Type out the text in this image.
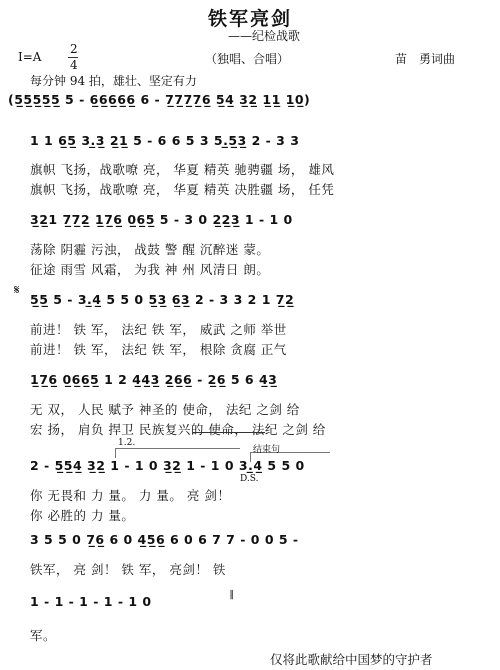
铁军亮剑
——纪检战歌
I=A
2
4	（独唱、合唱）	苗　勇词曲
每分钟 94 拍，雄壮、坚定有力
(5̲5̲5̲5̲5̲ 5 - 6̲6̲6̲6̲6̲ 6 - 7̲7̲7̲7̲6̲ 5̲4̲ 3̲2̲ 1̲1̲ 1̲0̲)
1 1 6̲5̲ 3.̲3̲ 2̲1̲ 5 - 6 6 5 3 5.̲5̲3̲ 2 - 3 3
旗帜 飞扬，战歌嘹 亮， 华夏 精英 驰骋疆 场， 雄风
旗帜 飞扬，战歌嘹 亮， 华夏 精英 决胜疆 场， 任凭
3̲2̲1 7̲7̲2̲ 1̲7̲6̲ 0̲6̲5̲ 5 - 3 0 2̲2̲3̲ 1 - 1 0
荡除 阴霾 污浊， 战鼓 警 醒 沉醉迷 蒙。
征途 雨雪 风霜， 为我 神 州 风清日 朗。
𝄋
5̲5̲ 5 - 3.̲4̲ 5 5 0 5̲3̲ 6̲3̲ 2 - 3 3 2 1 7̲2̲
前进！ 铁 军， 法纪 铁 军， 威武 之师 举世
前进！ 铁 军， 法纪 铁 军， 根除 贪腐 正气
1̲7̲6̲ 0̲6̲6̲5̲ 1 2 4̲4̲3̲ 2̲6̲6̲ - 2̲6̲ 5 6 4̲3̲
无 双， 人民 赋予 神圣的 使命， 法纪 之剑 给
宏 扬， 肩负 捍卫 民族复兴的 使命， 法纪 之剑 给
1.2.
结束句
D.S.
2 - 5̲5̲4̲ 3̲2̲ 1 - 1 0 3̲2̲ 1 - 1 0 3.̲4̲ 5 5 0
你 无畏和 力 量。 力 量。 亮 剑！
你 必胜的 力 量。
3 5 5 0 7̲6̲ 6 0 4̲5̲6̲ 6 0 6 7 7 - 0 0 5 -
铁军， 亮 剑！ 铁 军， 亮剑！ 铁
1 - 1 - 1 - 1 - 1 0	𝄂
军。
仅将此歌献给中国梦的守护者
